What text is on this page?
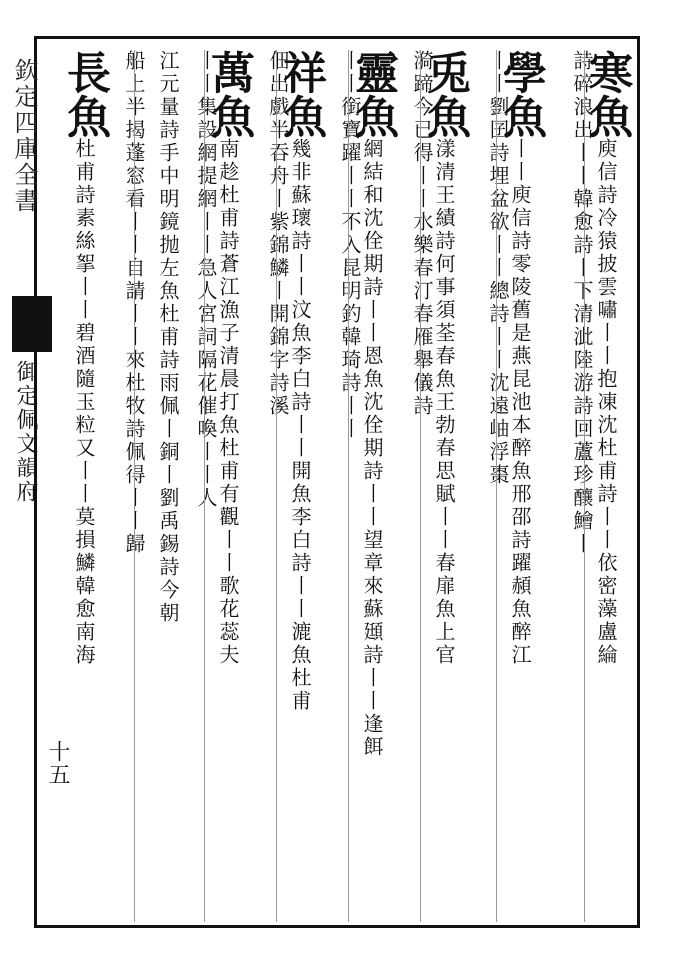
欽定四庫全書
御定佩文韻府
十五
寒魚庾信詩冷猿披雲嘯丨丨抱凍沈杜甫詩丨丨依密藻盧綸
詩碎浪出丨丨韓愈詩丨下清泚陸游詩回蘆珍釀鱠丨
學魚丨丨庾信詩零陵舊是燕昆池本醉魚邢邵詩躍頳魚醉江
丨丨劉囝詩埋盆欲丨丨總詩丨丨沈遠岫浮棗
兎魚漾清王績詩何事須荃春魚王勃春思賦丨丨春扉魚上官
漪蹄今已得丨丨水樂春汀春雁舉儀詩
靈魚網結和沈佺期詩丨丨恩魚沈佺期詩丨丨望章來蘇頲詩丨丨逢餌
丨丨銜寶躍丨丨不入昆明釣韓琦詩丨丨
祥魚幾非蘇瓌詩丨丨汶魚李白詩丨丨開魚李白詩丨丨漉魚杜甫
佃出戲半吞舟丨紫錦鱗丨開錦字詩溪
萬魚南趁杜甫詩蒼江漁子清晨打魚杜甫有觀丨丨歌花蕊夫
丨丨集設網提網丨丨急人宮詞隔花催喚丨丨人
江元量詩手中明鏡抛左魚杜甫詩雨佩丨銅丨劉禹錫詩今朝
船上半揭蓬窓看丨丨自請丨丨來杜牧詩佩得丨丨歸
長魚杜甫詩素絲挐丨丨碧酒隨玉粒又丨丨莫損鱗韓愈南海
